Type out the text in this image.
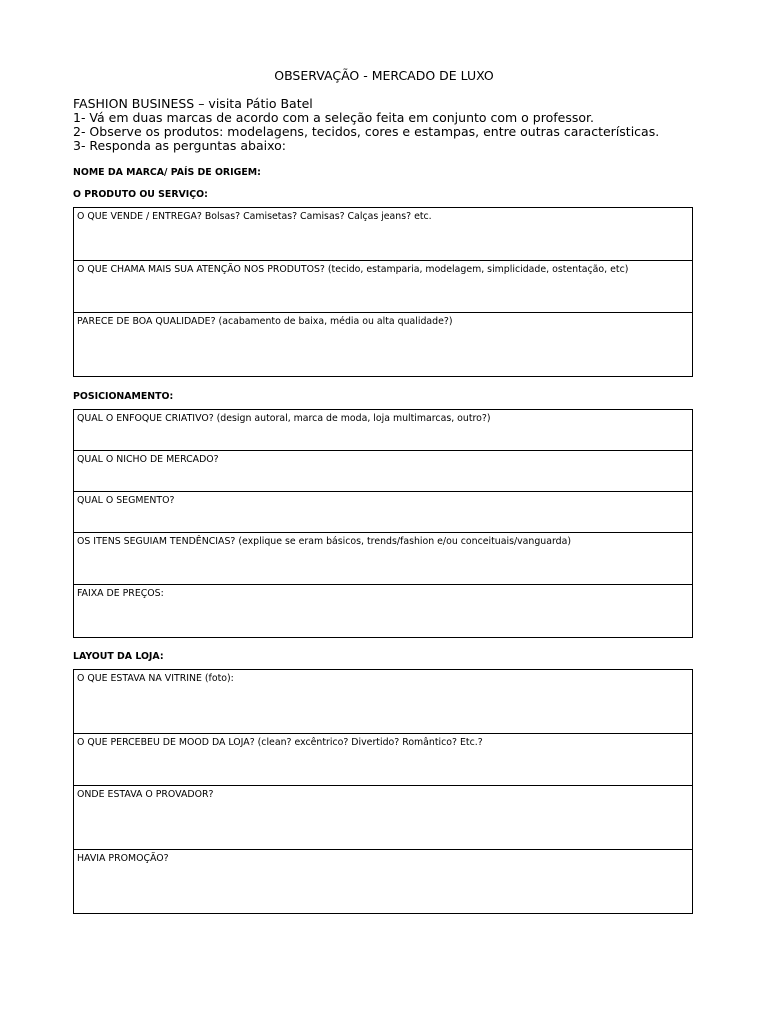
OBSERVAÇÃO - MERCADO DE LUXO
FASHION BUSINESS – visita Pátio Batel
1- Vá em duas marcas de acordo com a seleção feita em conjunto com o professor.
2- Observe os produtos: modelagens, tecidos, cores e estampas, entre outras características.
3- Responda as perguntas abaixo:
NOME DA MARCA/ PAÍS DE ORIGEM:
O PRODUTO OU SERVIÇO:
O QUE VENDE / ENTREGA? Bolsas? Camisetas? Camisas? Calças jeans? etc.
O QUE CHAMA MAIS SUA ATENÇÃO NOS PRODUTOS? (tecido, estamparia, modelagem, simplicidade, ostentação, etc)
PARECE DE BOA QUALIDADE? (acabamento de baixa, média ou alta qualidade?)
POSICIONAMENTO:
QUAL O ENFOQUE CRIATIVO? (design autoral, marca de moda, loja multimarcas, outro?)
QUAL O NICHO DE MERCADO?
QUAL O SEGMENTO?
OS ITENS SEGUIAM TENDÊNCIAS? (explique se eram básicos, trends/fashion e/ou conceituais/vanguarda)
FAIXA DE PREÇOS:
LAYOUT DA LOJA:
O QUE ESTAVA NA VITRINE (foto):
O QUE PERCEBEU DE MOOD DA LOJA? (clean? excêntrico? Divertido? Romântico? Etc.?
ONDE ESTAVA O PROVADOR?
HAVIA PROMOÇÃO?
